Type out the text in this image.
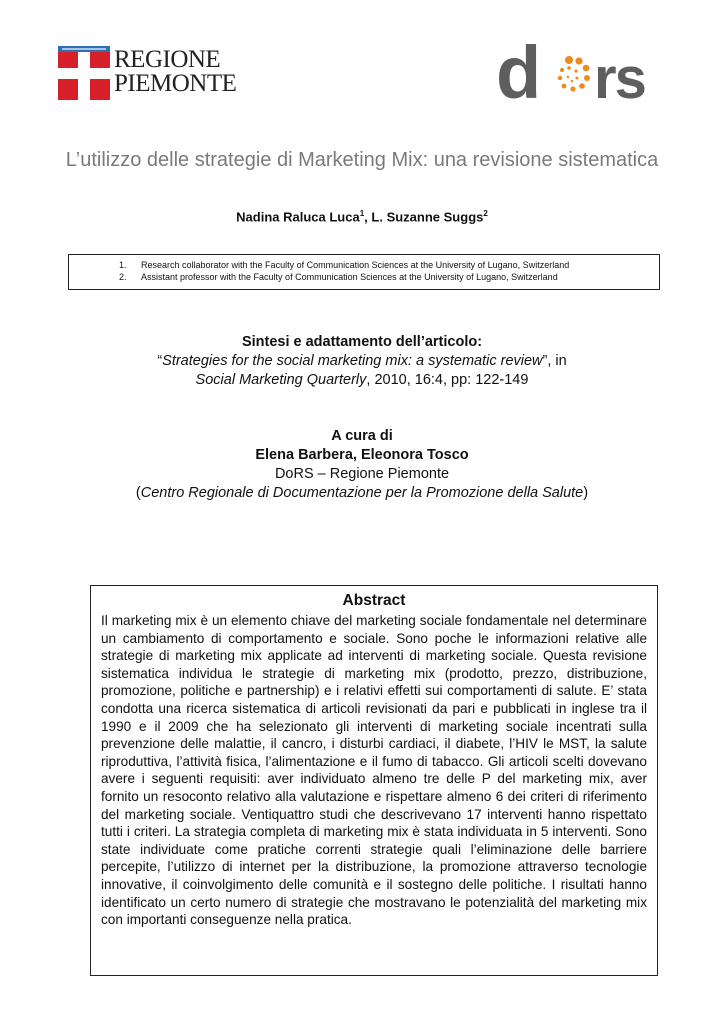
REGIONE
PIEMONTE	d rs
L’utilizzo delle strategie di Marketing Mix: una revisione sistematica
Nadina Raluca Luca$^1$, L. Suzanne Suggs$^2$
1. Research collaborator with the Faculty of Communication Sciences at the University of Lugano, Switzerland
2. Assistant professor with the Faculty of Communication Sciences at the University of Lugano, Switzerland
Sintesi e adattamento dell’articolo:
“Strategies for the social marketing mix: a systematic review”, in
Social Marketing Quarterly, 2010, 16:4, pp: 122-149
A cura di
Elena Barbera, Eleonora Tosco
DoRS – Regione Piemonte
(Centro Regionale di Documentazione per la Promozione della Salute)
Abstract
Il marketing mix è un elemento chiave del marketing sociale fondamentale nel determinare un cambiamento di comportamento e sociale. Sono poche le informazioni relative alle strategie di marketing mix applicate ad interventi di marketing sociale. Questa revisione sistematica individua le strategie di marketing mix (prodotto, prezzo, distribuzione, promozione, politiche e partnership) e i relativi effetti sui comportamenti di salute. E’ stata condotta una ricerca sistematica di articoli revisionati da pari e pubblicati in inglese tra il 1990 e il 2009 che ha selezionato gli interventi di marketing sociale incentrati sulla prevenzione delle malattie, il cancro, i disturbi cardiaci, il diabete, l’HIV le MST, la salute riproduttiva, l’attività fisica, l’alimentazione e il fumo di tabacco. Gli articoli scelti dovevano avere i seguenti requisiti: aver individuato almeno tre delle P del marketing mix, aver fornito un resoconto relativo alla valutazione e rispettare almeno 6 dei criteri di riferimento del marketing sociale. Ventiquattro studi che descrivevano 17 interventi hanno rispettato tutti i criteri. La strategia completa di marketing mix è stata individuata in 5 interventi. Sono state individuate come pratiche correnti strategie quali l’eliminazione delle barriere percepite, l’utilizzo di internet per la distribuzione, la promozione attraverso tecnologie innovative, il coinvolgimento delle comunità e il sostegno delle politiche. I risultati hanno identificato un certo numero di strategie che mostravano le potenzialità del marketing mix con importanti conseguenze nella pratica.
